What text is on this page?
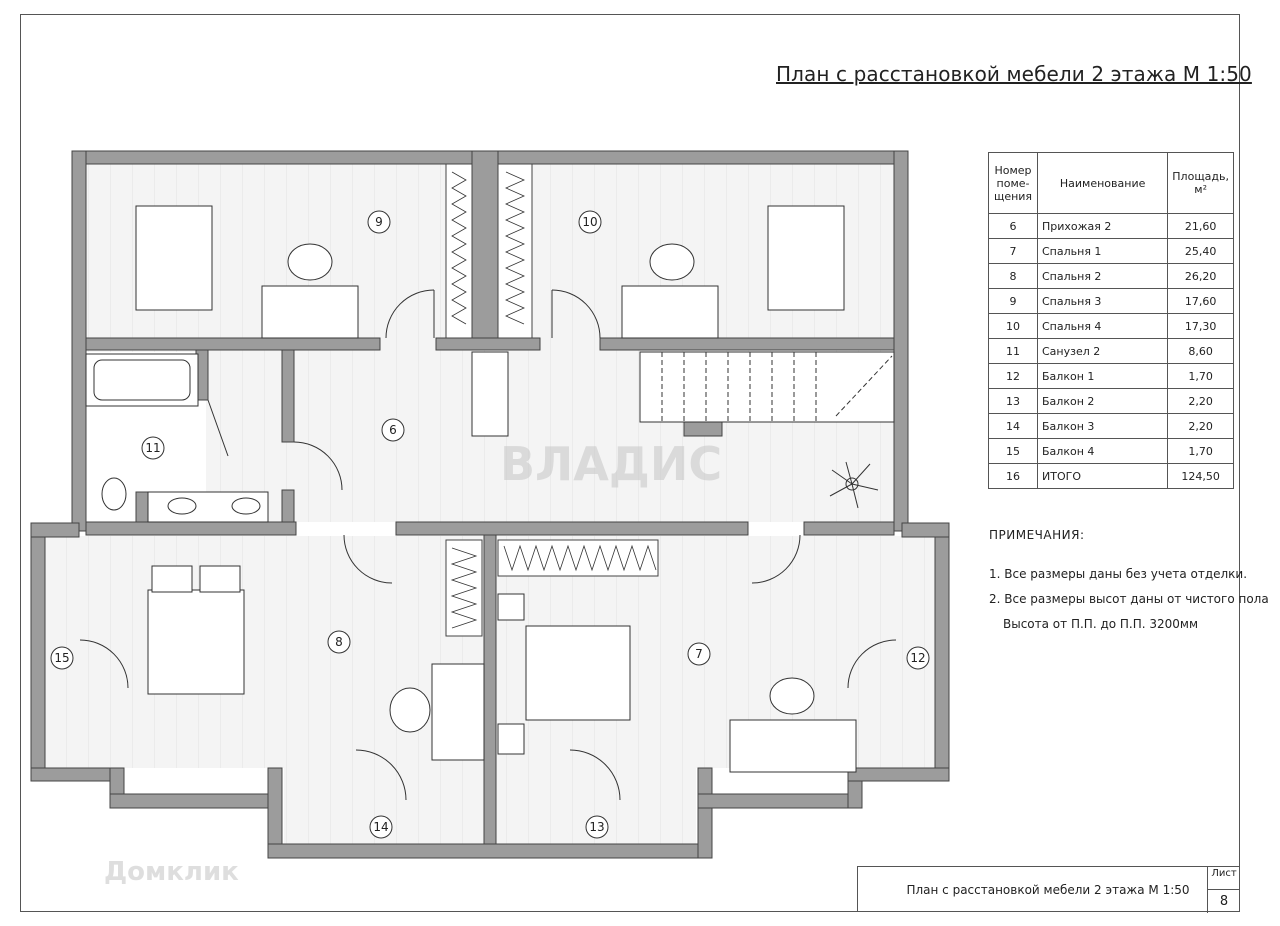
План с расстановкой мебели 2 этажа М 1:50
9	10
6
11
8
7
15	12
14	13
ВЛАДИС
Домклик
Номер поме-щения	Наименование	Площадь, м²
6	Прихожая 2	21,60
7	Спальня 1	25,40
8	Спальня 2	26,20
9	Спальня 3	17,60
10	Спальня 4	17,30
11	Санузел 2	8,60
12	Балкон 1	1,70
13	Балкон 2	2,20
14	Балкон 3	2,20
15	Балкон 4	1,70
16	ИТОГО	124,50
ПРИМЕЧАНИЯ:
1. Все размеры даны без учета отделки.
2. Все размеры высот даны от чистого пола
Высота от П.П. до П.П. 3200мм
План с расстановкой мебели 2 этажа М 1:50
Лист
8
